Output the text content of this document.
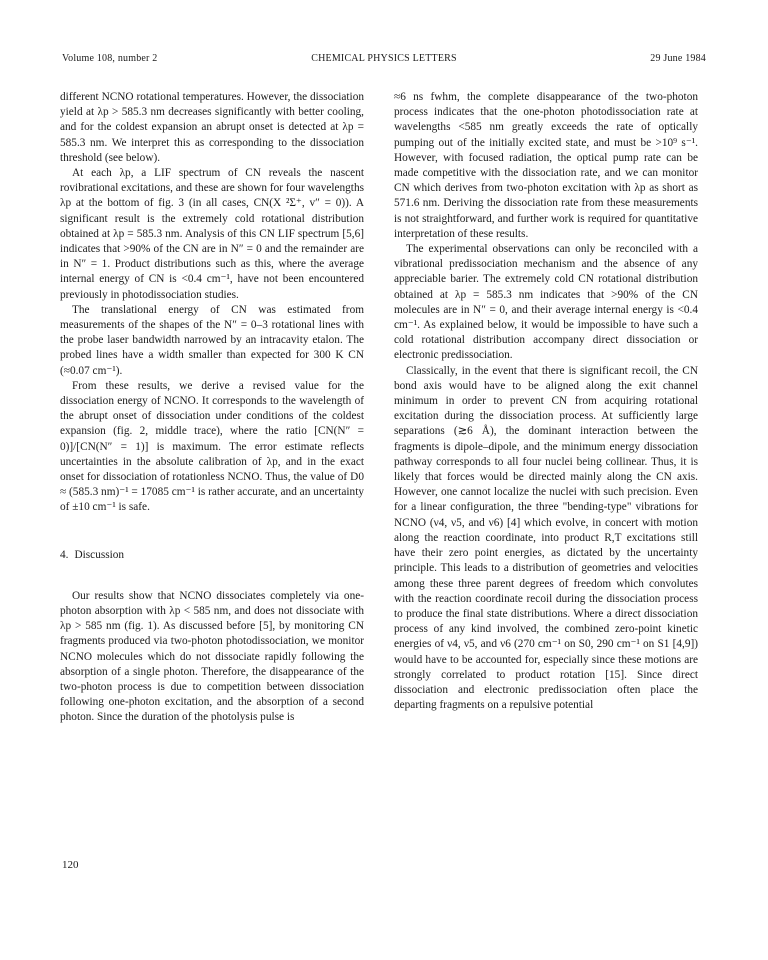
Volume 108, number 2	CHEMICAL PHYSICS LETTERS	29 June 1984

different NCNO rotational temperatures. However, the dissociation yield at λp > 585.3 nm decreases significantly with better cooling, and for the coldest expansion an abrupt onset is detected at λp = 585.3 nm. We interpret this as corresponding to the dissociation threshold (see below).

At each λp, a LIF spectrum of CN reveals the nascent rovibrational excitations, and these are shown for four wavelengths λp at the bottom of fig. 3 (in all cases, CN(X ²Σ⁺, v″ = 0)). A significant result is the extremely cold rotational distribution obtained at λp = 585.3 nm. Analysis of this CN LIF spectrum [5,6] indicates that >90% of the CN are in N″ = 0 and the remainder are in N″ = 1. Product distributions such as this, where the average internal energy of CN is <0.4 cm⁻¹, have not been encountered previously in photodissociation studies.

The translational energy of CN was estimated from measurements of the shapes of the N″ = 0–3 rotational lines with the probe laser bandwidth narrowed by an intracavity etalon. The probed lines have a width smaller than expected for 300 K CN (≈0.07 cm⁻¹).

From these results, we derive a revised value for the dissociation energy of NCNO. It corresponds to the wavelength of the abrupt onset of dissociation under conditions of the coldest expansion (fig. 2, middle trace), where the ratio [CN(N″ = 0)]/[CN(N″ = 1)] is maximum. The error estimate reflects uncertainties in the absolute calibration of λp, and in the exact onset for dissociation of rotationless NCNO. Thus, the value of D0 ≈ (585.3 nm)⁻¹ = 17085 cm⁻¹ is rather accurate, and an uncertainty of ±10 cm⁻¹ is safe.

4. Discussion

Our results show that NCNO dissociates completely via one-photon absorption with λp < 585 nm, and does not dissociate with λp > 585 nm (fig. 1). As discussed before [5], by monitoring CN fragments produced via two-photon photodissociation, we monitor NCNO molecules which do not dissociate rapidly following the absorption of a single photon. Therefore, the disappearance of the two-photon process is due to competition between dissociation following one-photon excitation, and the absorption of a second photon. Since the duration of the photolysis pulse is

≈6 ns fwhm, the complete disappearance of the two-photon process indicates that the one-photon photodissociation rate at wavelengths <585 nm greatly exceeds the rate of optically pumping out of the initially excited state, and must be >10⁹ s⁻¹. However, with focused radiation, the optical pump rate can be made competitive with the dissociation rate, and we can monitor CN which derives from two-photon excitation with λp as short as 571.6 nm. Deriving the dissociation rate from these measurements is not straightforward, and further work is required for quantitative interpretation of these results.

The experimental observations can only be reconciled with a vibrational predissociation mechanism and the absence of any appreciable barier. The extremely cold CN rotational distribution obtained at λp = 585.3 nm indicates that >90% of the CN molecules are in N″ = 0, and their average internal energy is <0.4 cm⁻¹. As explained below, it would be impossible to have such a cold rotational distribution accompany direct dissociation or electronic predissociation.

Classically, in the event that there is significant recoil, the CN bond axis would have to be aligned along the exit channel minimum in order to prevent CN from acquiring rotational excitation during the dissociation process. At sufficiently large separations (≳6 Å), the dominant interaction between the fragments is dipole–dipole, and the minimum energy dissociation pathway corresponds to all four nuclei being collinear. Thus, it is likely that forces would be directed mainly along the CN axis. However, one cannot localize the nuclei with such precision. Even for a linear configuration, the three "bending-type" vibrations for NCNO (ν4, ν5, and ν6) [4] which evolve, in concert with motion along the reaction coordinate, into product R,T excitations still have their zero point energies, as dictated by the uncertainty principle. This leads to a distribution of geometries and velocities among these three parent degrees of freedom which convolutes with the reaction coordinate recoil during the dissociation process to produce the final state distributions. Where a direct dissociation process of any kind involved, the combined zero-point kinetic energies of ν4, ν5, and ν6 (270 cm⁻¹ on S0, 290 cm⁻¹ on S1 [4,9]) would have to be accounted for, especially since these motions are strongly correlated to product rotation [15]. Since direct dissociation and electronic predissociation often place the departing fragments on a repulsive potential

120
